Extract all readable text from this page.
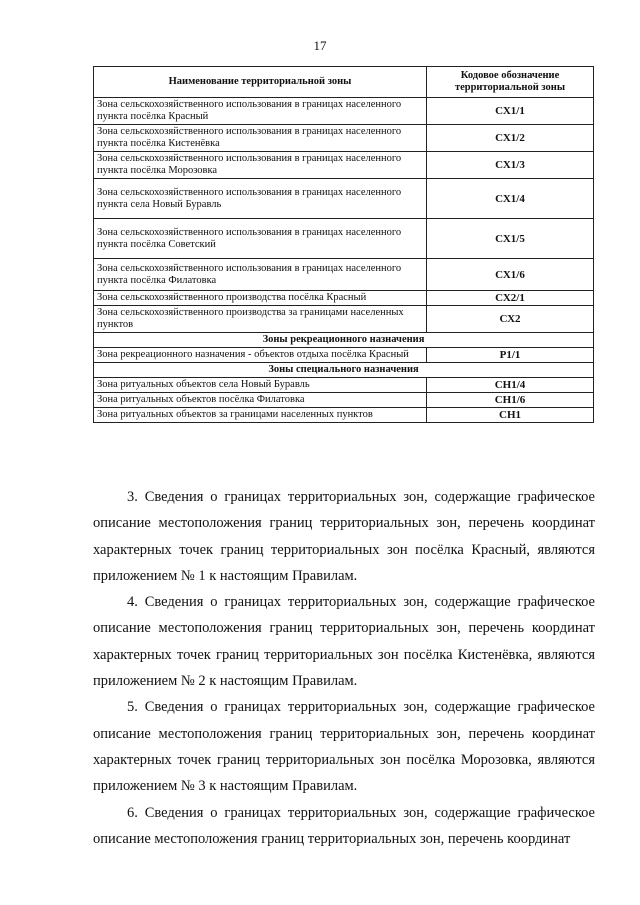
17
Наименование территориальной зоны	Кодовое обозначение территориальной зоны
Зона сельскохозяйственного использования в границах населенного пункта посёлка Красный	СХ1/1
Зона сельскохозяйственного использования в границах населенного пункта посёлка Кистенёвка	СХ1/2
Зона сельскохозяйственного использования в границах населенного пункта посёлка Морозовка	СХ1/3
Зона сельскохозяйственного использования в границах населенного пункта села Новый Буравль	СХ1/4
Зона сельскохозяйственного использования в границах населенного пункта посёлка Советский	СХ1/5
Зона сельскохозяйственного использования в границах населенного пункта посёлка Филатовка	СХ1/6
Зона сельскохозяйственного производства посёлка Красный	СХ2/1
Зона сельскохозяйственного производства за границами населенных пунктов	СХ2
Зоны рекреационного назначения	
Зона рекреационного назначения - объектов отдыха посёлка Красный	Р1/1
Зоны специального назначения	
Зона ритуальных объектов села Новый Буравль	СН1/4
Зона ритуальных объектов посёлка Филатовка	СН1/6
Зона ритуальных объектов за границами населенных пунктов	СН1

3. Сведения о границах территориальных зон, содержащие графическое описание местоположения границ территориальных зон, перечень координат характерных точек границ территориальных зон посёлка Красный, являются приложением № 1 к настоящим Правилам.

4. Сведения о границах территориальных зон, содержащие графическое описание местоположения границ территориальных зон, перечень координат характерных точек границ территориальных зон посёлка Кистенёвка, являются приложением № 2 к настоящим Правилам.

5. Сведения о границах территориальных зон, содержащие графическое описание местоположения границ территориальных зон, перечень координат характерных точек границ территориальных зон посёлка Морозовка, являются приложением № 3 к настоящим Правилам.

6. Сведения о границах территориальных зон, содержащие графическое описание местоположения границ территориальных зон, перечень координат
